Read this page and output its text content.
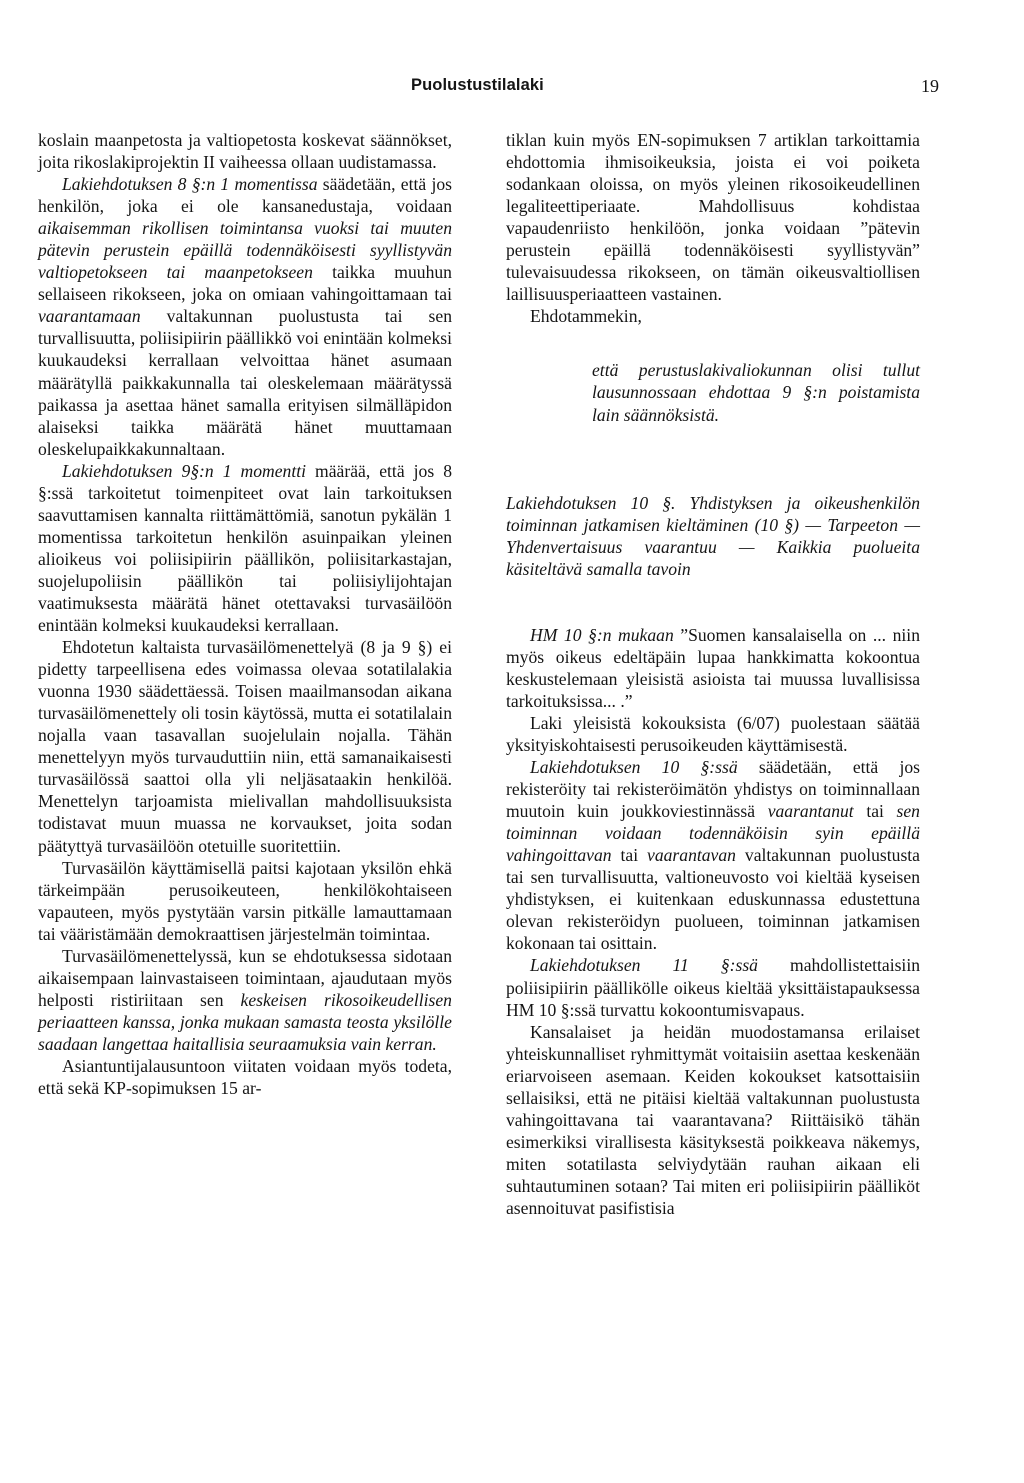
Puolustustilalaki	19

koslain maanpetosta ja valtiopetosta koskevat säännökset, joita rikoslakiprojektin II vaiheessa ollaan uudistamassa.

Lakiehdotuksen 8 §:n 1 momentissa säädetään, että jos henkilön, joka ei ole kansanedustaja, voidaan aikaisemman rikollisen toimintansa vuoksi tai muuten pätevin perustein epäillä todennäköisesti syyllistyvän valtiopetokseen tai maanpetokseen taikka muuhun sellaiseen rikokseen, joka on omiaan vahingoittamaan tai vaarantamaan valtakunnan puolustusta tai sen turvallisuutta, poliisipiirin päällikkö voi enintään kolmeksi kuukaudeksi kerrallaan velvoittaa hänet asumaan määrätyllä paikkakunnalla tai oleskelemaan määrätyssä paikassa ja asettaa hänet samalla erityisen silmälläpidon alaiseksi taikka määrätä hänet muuttamaan oleskelupaikkakunnaltaan.

Lakiehdotuksen 9§:n 1 momentti määrää, että jos 8 §:ssä tarkoitetut toimenpiteet ovat lain tarkoituksen saavuttamisen kannalta riittämättömiä, sanotun pykälän 1 momentissa tarkoitetun henkilön asuinpaikan yleinen alioikeus voi poliisipiirin päällikön, poliisitarkastajan, suojelupoliisin päällikön tai poliisiylijohtajan vaatimuksesta määrätä hänet otettavaksi turvasäilöön enintään kolmeksi kuukaudeksi kerrallaan.

Ehdotetun kaltaista turvasäilömenettelyä (8 ja 9 §) ei pidetty tarpeellisena edes voimassa olevaa sotatilalakia vuonna 1930 säädettäessä. Toisen maailmansodan aikana turvasäilömenettely oli tosin käytössä, mutta ei sotatilalain nojalla vaan tasavallan suojelulain nojalla. Tähän menettelyyn myös turvauduttiin niin, että samanaikaisesti turvasäilössä saattoi olla yli neljäsataakin henkilöä. Menettelyn tarjoamista mielivallan mahdollisuuksista todistavat muun muassa ne korvaukset, joita sodan päätyttyä turvasäilöön otetuille suoritettiin.

Turvasäilön käyttämisellä paitsi kajotaan yksilön ehkä tärkeimpään perusoikeuteen, henkilökohtaiseen vapauteen, myös pystytään varsin pitkälle lamauttamaan tai vääristämään demokraattisen järjestelmän toimintaa.

Turvasäilömenettelyssä, kun se ehdotuksessa sidotaan aikaisempaan lainvastaiseen toimintaan, ajaudutaan myös helposti ristiriitaan sen keskeisen rikosoikeudellisen periaatteen kanssa, jonka mukaan samasta teosta yksilölle saadaan langettaa haitallisia seuraamuksia vain kerran.

Asiantuntijalausuntoon viitaten voidaan myös todeta, että sekä KP-sopimuksen 15 ar-

tiklan kuin myös EN-sopimuksen 7 artiklan tarkoittamia ehdottomia ihmisoikeuksia, joista ei voi poiketa sodankaan oloissa, on myös yleinen rikosoikeudellinen legaliteettiperiaate. Mahdollisuus kohdistaa vapaudenriisto henkilöön, jonka voidaan ”pätevin perustein epäillä todennäköisesti syyllistyvän” tulevaisuudessa rikokseen, on tämän oikeusvaltiollisen laillisuusperiaatteen vastainen.

Ehdotammekin,

että perustuslakivaliokunnan olisi tullut lausunnossaan ehdottaa 9 §:n poistamista lain säännöksistä.

Lakiehdotuksen 10 §. Yhdistyksen ja oikeushenkilön toiminnan jatkamisen kieltäminen (10 §) — Tarpeeton — Yhdenvertaisuus vaarantuu — Kaikkia puolueita käsiteltävä samalla tavoin

HM 10 §:n mukaan ”Suomen kansalaisella on ... niin myös oikeus edeltäpäin lupaa hankkimatta kokoontua keskustelemaan yleisistä asioista tai muussa luvallisissa tarkoituksissa... .”

Laki yleisistä kokouksista (6/07) puolestaan säätää yksityiskohtaisesti perusoikeuden käyttämisestä.

Lakiehdotuksen 10 §:ssä säädetään, että jos rekisteröity tai rekisteröimätön yhdistys on toiminnallaan muutoin kuin joukkoviestinnässä vaarantanut tai sen toiminnan voidaan todennäköisin syin epäillä vahingoittavan tai vaarantavan valtakunnan puolustusta tai sen turvallisuutta, valtioneuvosto voi kieltää kyseisen yhdistyksen, ei kuitenkaan eduskunnassa edustettuna olevan rekisteröidyn puolueen, toiminnan jatkamisen kokonaan tai osittain.

Lakiehdotuksen 11 §:ssä mahdollistettaisiin poliisipiirin päällikölle oikeus kieltää yksittäistapauksessa HM 10 §:ssä turvattu kokoontumisvapaus.

Kansalaiset ja heidän muodostamansa erilaiset yhteiskunnalliset ryhmittymät voitaisiin asettaa keskenään eriarvoiseen asemaan. Keiden kokoukset katsottaisiin sellaisiksi, että ne pitäisi kieltää valtakunnan puolustusta vahingoittavana tai vaarantavana? Riittäisikö tähän esimerkiksi virallisesta käsityksestä poikkeava näkemys, miten sotatilasta selviydytään rauhan aikaan eli suhtautuminen sotaan? Tai miten eri poliisipiirin päälliköt asennoituvat pasifistisia
